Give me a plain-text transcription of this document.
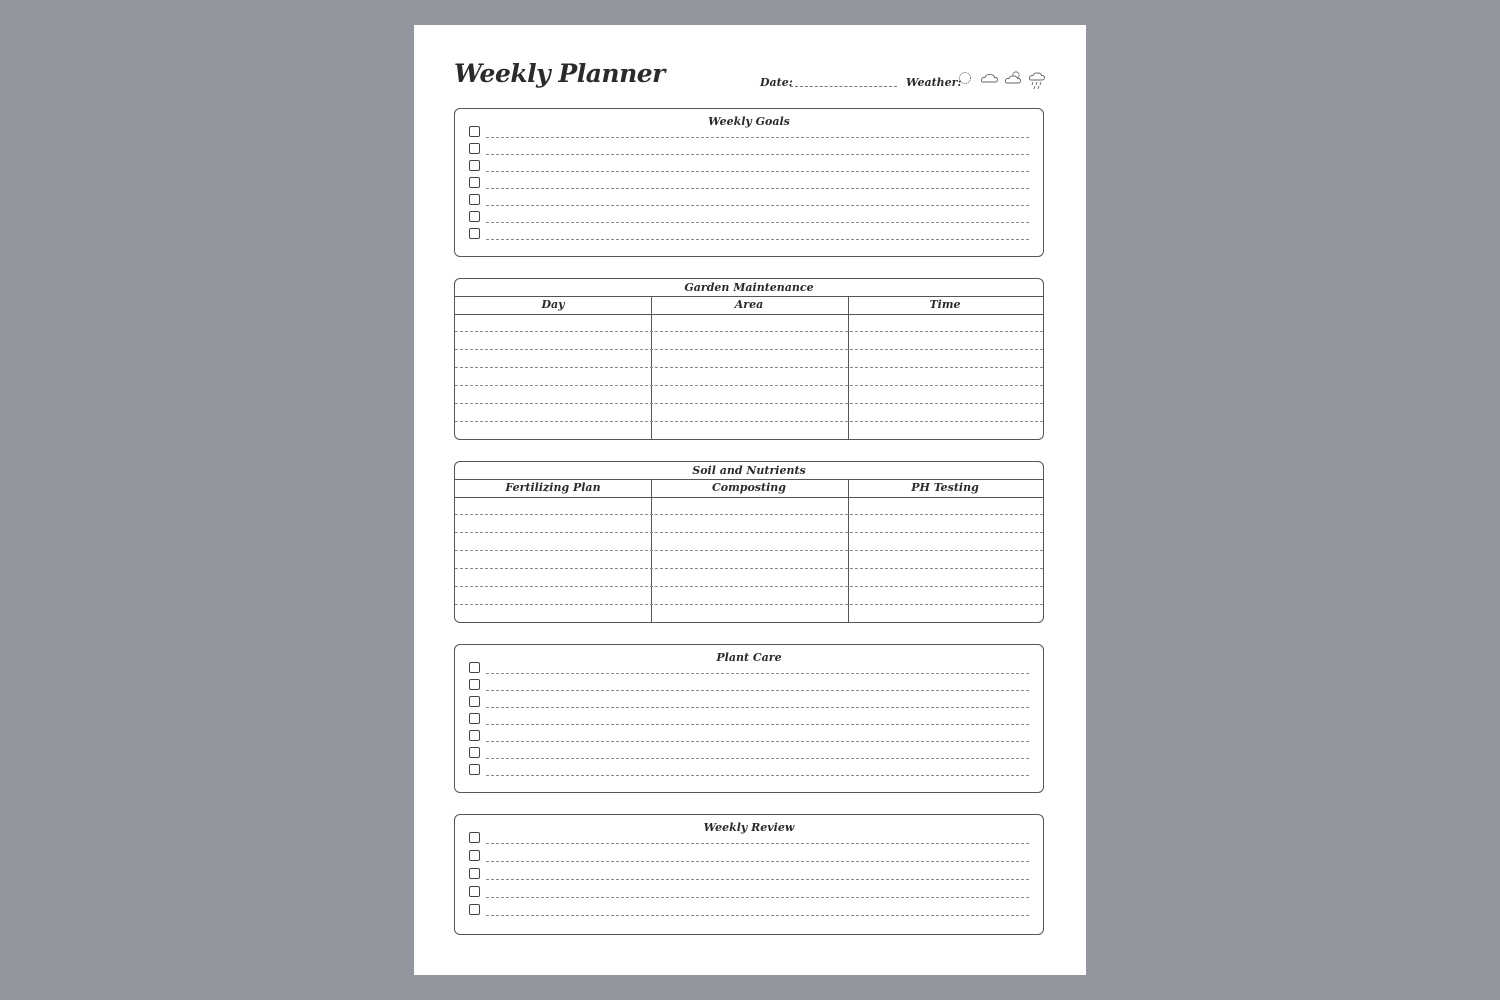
Weekly Planner	Date:	Weather:
Weekly Goals
Garden Maintenance
Day	Area	Time
Soil and Nutrients
Fertilizing Plan	Composting	PH Testing
Plant Care
Weekly Review
